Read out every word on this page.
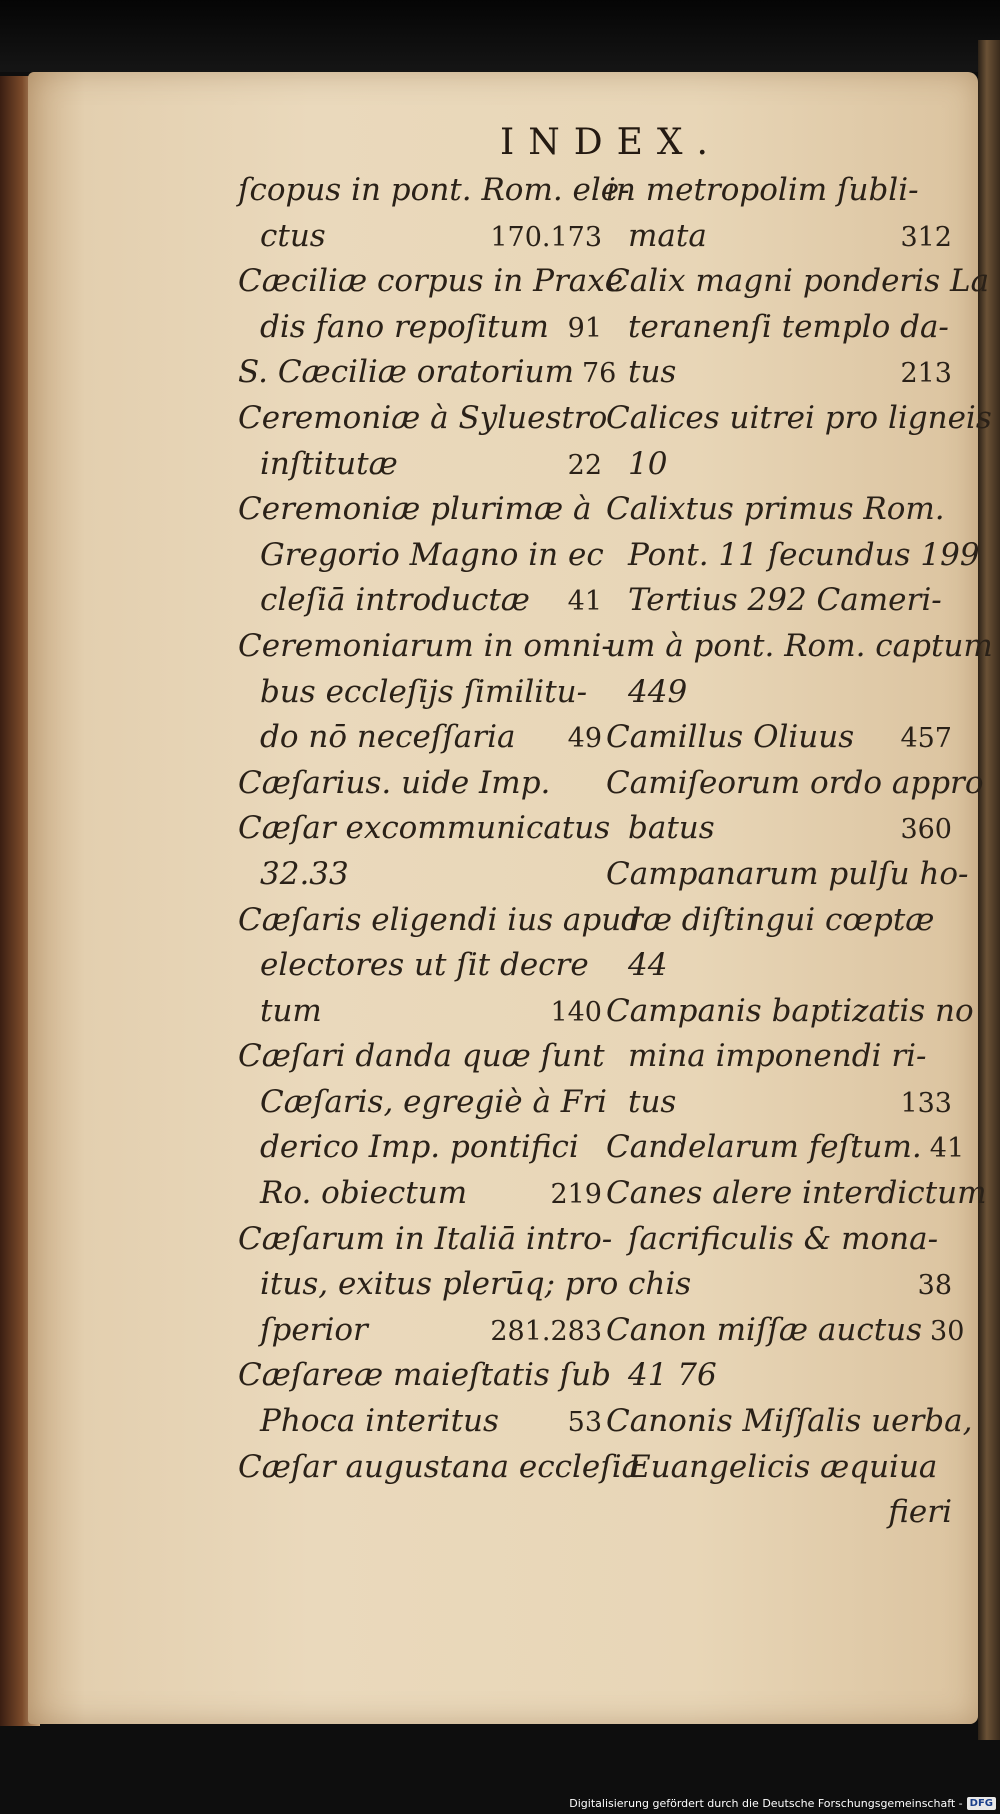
INDEX.
ſcopus in pont. Rom. ele-
ctus	170.173
Cæciliæ corpus in Praxe
dis fano repoſitum 91
S. Cæciliæ oratorium 76
Ceremoniæ à Syluestro
inſtitutæ	22
Ceremoniæ plurimæ à
Gregorio Magno in ec
cleſiā introductæ 41
Ceremoniarum in omni-
bus eccleſijs ſimilitu-
do nō neceſſaria 49
Cæſarius. uide Imp.
Cæſar excommunicatus
32.33
Cæſaris eligendi ius apud
electores ut ſit decre
tum	140
Cæſari danda quæ ſunt
Cæſaris, egregiè à Fri
derico Imp. pontifici
Ro. obiectum	219
Cæſarum in Italiā intro-
itus, exitus plerūq; pro
ſperior	281.283
Cæſareæ maieſtatis ſub
Phoca interitus	53
Cæſar augustana eccleſia
in metropolim ſubli-
mata	312
Calix magni ponderis La
teranenſi templo da-
tus	213
Calices uitrei pro ligneis
10
Calixtus primus Rom.
Pont. 11 ſecundus 199
Tertius 292 Cameri-
um à pont. Rom. captum
449
Camillus Oliuus 457
Camiſeorum ordo appro
batus	360
Campanarum pulſu ho-
ræ diſtingui cœptæ
44
Campanis baptizatis no
mina imponendi ri-
tus	133
Candelarum feſtum. 41
Canes alere interdictum
ſacrificulis & mona-
chis	38
Canon miſſæ auctus 30
41 76
Canonis Miſſalis uerba,
Euangelicis æquiua
fieri
Digitalisierung gefördert durch die Deutsche Forschungsgemeinschaft - DFG
